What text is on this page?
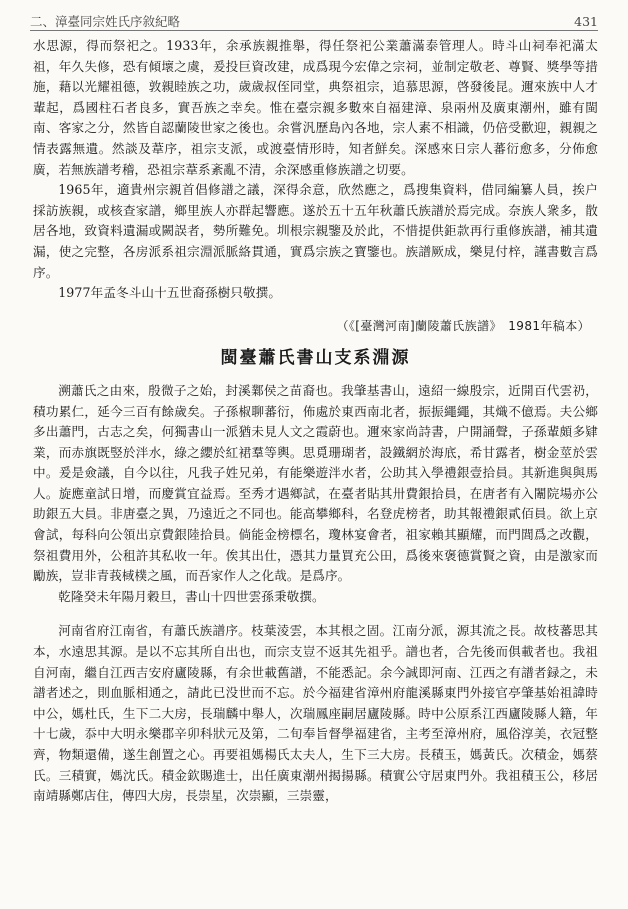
二、漳臺同宗姓氏序敘紀略	431

水思源，得而祭祀之。1933年，余承族親推舉，得任祭祀公業蕭滿泰管理人。時斗山祠奉祀滿太祖，年久失修，恐有傾壞之虞，爰投巨資改建，成爲現今宏偉之宗祠，並制定敬老、尊賢、獎學等措施，藉以光耀祖德，敦親睦族之功，歲歲叔侄同堂，典祭祖宗，追慕思源，啓發後昆。邇來族中人才輩起，爲國柱石者良多，實吾族之幸矣。惟在臺宗親多數來自福建漳、泉兩州及廣東潮州，雖有閩南、客家之分，然皆自認蘭陵世家之後也。余嘗汎歷島內各地，宗人素不相識，仍倍受歡迎，親親之情表露無遺。然談及葦序，祖宗支派，或渡臺情形時，知者鮮矣。深感來日宗人蕃衍愈多，分佈愈廣，若無族譜考稽，恐祖宗葦系紊亂不清，余深感重修族譜之切要。

1965年，適貴州宗親首倡修譜之議，深得余意，欣然應之，爲搜集資料，借同編纂人員，挨户採訪族親，或核查家譜，鄉里族人亦群起響應。遂於五十五年秋蕭氏族譜於焉完成。奈族人衆多，散居各地，致資料遺漏或闕誤者，勢所難免。圳根宗親鑒及於此，不惜提供鉅款再行重修族譜，補其遺漏，使之完整，各房派系祖宗淵派脈絡貫通，實爲宗族之寶鑒也。族譜厥成，樂見付梓，謹書數言爲序。

1977年孟冬斗山十五世裔孫樹只敬撰。

（《[臺灣河南]蘭陵蕭氏族譜》　1981年稿本）
閩臺蕭氏書山支系淵源

溯蕭氏之由來，殷微子之始，封溪鄴侯之苗裔也。我肇基書山，遠紹一線殷宗，近開百代雲礽，積功累仁，延今三百有餘歲矣。子孫椒聊蕃衍，佈處於東西南北者，振振繩繩，其熾不億焉。夫公鄉多出蕭門，古志之矣，何獨書山一派猶未見人文之霞蔚也。邇來家尚詩書，户開誦聲，子孫輩頗多肄業，而赤旗既竪於泮水，綠之纓於紅裙羣等輿。思覓珊瑚者，設鐵網於海底，希甘露者，樹金莖於雲中。爰是僉議，自今以往，凡我子姓兄弟，有能樂遊泮水者，公助其入學禮銀壹拾員。其新進與與馬人。旋應童試日增，而慶賞宜益焉。至秀才遇鄉試，在臺者貼其卅費銀拾員，在唐者有入闈院場亦公助銀五大員。非唐臺之異，乃遠近之不同也。能高攀鄉科，名登虎榜者，助其報禮銀貳佰員。欲上京會試，每科向公領出京費銀陸拾員。倘能金榜標名，瓊林宴會者，祖家賴其顯耀，而門閭爲之改觀，祭祖費用外，公租許其私收一年。俟其出仕，憑其力量買充公田，爲後來褒德賞賢之資，由是激家而勵族，豈非青莪棫樸之風，而吾家作人之化哉。是爲序。

乾隆癸未年陽月穀旦，書山十四世雲孫秉敬撰。

河南省府江南省，有蕭氏族譜序。枝葉淩雲，本其根之固。江南分派，源其流之長。故枝蕃思其本，水遠思其源。是以不忘其所自出也，而宗支豈不返其先祖乎。譜也者，合先後而俱載者也。我祖自河南，繼自江西吉安府廬陵縣，有余世載舊譜，不能悉記。余今誠即河南、江西之有譜者録之，未譜者述之，則血脈相通之，請此已没世而不忘。於今福建省漳州府龍溪縣東門外接官亭肇基始祖諱時中公，媽杜氏，生下二大房，長瑞麟中舉人，次瑞鳳座嗣居廬陵縣。時中公原系江西廬陵縣人籍，年十七歲，忝中大明永樂郡辛卯科狀元及第，二旬奉旨督學福建省，主考至漳州府，風俗淳美，衣冠整齊，物類還備，遂生創置之心。再要祖媽楊氏太夫人，生下三大房。長積玉，媽黃氏。次積金，媽蔡氏。三積實，媽沈氏。積金欽賜進士，出任廣東潮州揭揚縣。積實公守居東門外。我祖積玉公，移居南靖縣鄭店住，傳四大房，長崇星，次崇顯，三崇靈，
